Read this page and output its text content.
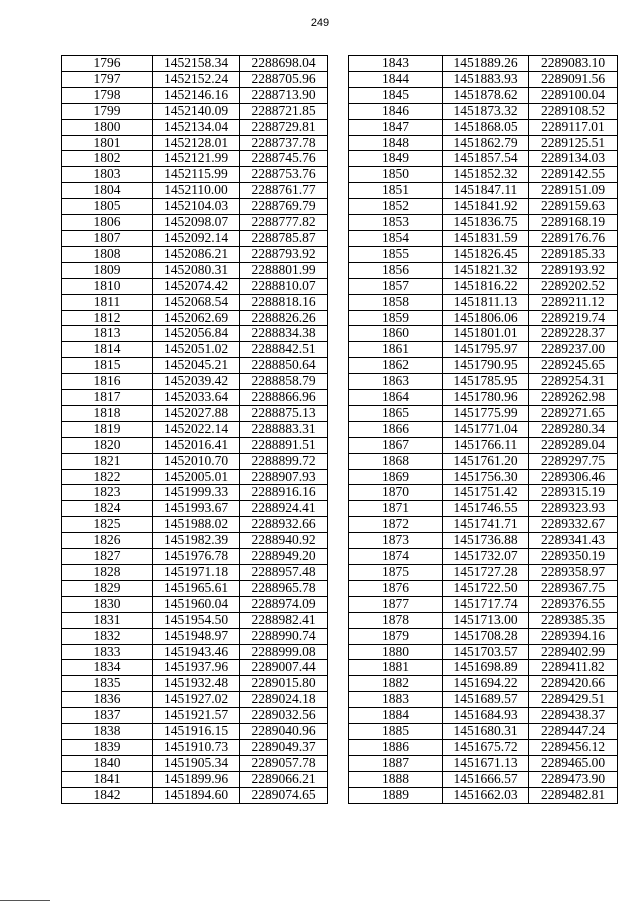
249
1796	1452158.34	2288698.04
1797	1452152.24	2288705.96
1798	1452146.16	2288713.90
1799	1452140.09	2288721.85
1800	1452134.04	2288729.81
1801	1452128.01	2288737.78
1802	1452121.99	2288745.76
1803	1452115.99	2288753.76
1804	1452110.00	2288761.77
1805	1452104.03	2288769.79
1806	1452098.07	2288777.82
1807	1452092.14	2288785.87
1808	1452086.21	2288793.92
1809	1452080.31	2288801.99
1810	1452074.42	2288810.07
1811	1452068.54	2288818.16
1812	1452062.69	2288826.26
1813	1452056.84	2288834.38
1814	1452051.02	2288842.51
1815	1452045.21	2288850.64
1816	1452039.42	2288858.79
1817	1452033.64	2288866.96
1818	1452027.88	2288875.13
1819	1452022.14	2288883.31
1820	1452016.41	2288891.51
1821	1452010.70	2288899.72
1822	1452005.01	2288907.93
1823	1451999.33	2288916.16
1824	1451993.67	2288924.41
1825	1451988.02	2288932.66
1826	1451982.39	2288940.92
1827	1451976.78	2288949.20
1828	1451971.18	2288957.48
1829	1451965.61	2288965.78
1830	1451960.04	2288974.09
1831	1451954.50	2288982.41
1832	1451948.97	2288990.74
1833	1451943.46	2288999.08
1834	1451937.96	2289007.44
1835	1451932.48	2289015.80
1836	1451927.02	2289024.18
1837	1451921.57	2289032.56
1838	1451916.15	2289040.96
1839	1451910.73	2289049.37
1840	1451905.34	2289057.78
1841	1451899.96	2289066.21
1842	1451894.60	2289074.65
1843	1451889.26	2289083.10
1844	1451883.93	2289091.56
1845	1451878.62	2289100.04
1846	1451873.32	2289108.52
1847	1451868.05	2289117.01
1848	1451862.79	2289125.51
1849	1451857.54	2289134.03
1850	1451852.32	2289142.55
1851	1451847.11	2289151.09
1852	1451841.92	2289159.63
1853	1451836.75	2289168.19
1854	1451831.59	2289176.76
1855	1451826.45	2289185.33
1856	1451821.32	2289193.92
1857	1451816.22	2289202.52
1858	1451811.13	2289211.12
1859	1451806.06	2289219.74
1860	1451801.01	2289228.37
1861	1451795.97	2289237.00
1862	1451790.95	2289245.65
1863	1451785.95	2289254.31
1864	1451780.96	2289262.98
1865	1451775.99	2289271.65
1866	1451771.04	2289280.34
1867	1451766.11	2289289.04
1868	1451761.20	2289297.75
1869	1451756.30	2289306.46
1870	1451751.42	2289315.19
1871	1451746.55	2289323.93
1872	1451741.71	2289332.67
1873	1451736.88	2289341.43
1874	1451732.07	2289350.19
1875	1451727.28	2289358.97
1876	1451722.50	2289367.75
1877	1451717.74	2289376.55
1878	1451713.00	2289385.35
1879	1451708.28	2289394.16
1880	1451703.57	2289402.99
1881	1451698.89	2289411.82
1882	1451694.22	2289420.66
1883	1451689.57	2289429.51
1884	1451684.93	2289438.37
1885	1451680.31	2289447.24
1886	1451675.72	2289456.12
1887	1451671.13	2289465.00
1888	1451666.57	2289473.90
1889	1451662.03	2289482.81
